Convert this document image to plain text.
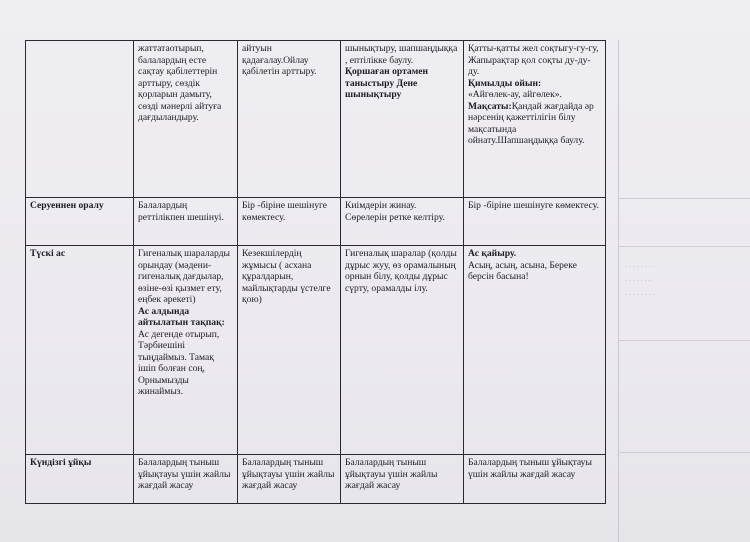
. . . . . . . .
. . . . . . .
. . . . . . . .
	жаттатаотырып, балалардың есте сақтау қабілеттерін арттыру, сөздік қорларын дамыту, сөзді мәнерлі айтуға дағдыландыру.	айтуын қадағалау.Ойлау қабілетін арттыру.	шынықтыру, шапшаңдыққа , ептілікке баулу.
Қоршаған ортамен таныстыру Дене шынықтыру	Қатты-қатты жел соқтыгу-гу-гу,
Жапырақтар қол соқты ду-ду-ду.
Қимылды ойын:
«Айгөлек-ау, айгөлек».
Мақсаты:Қандай жағдайда әр нәрсенің қажеттілігін білу мақсатында ойнату.Шапшаңдыққа баулу.
Серуеннен оралу	Балалардың реттілікпен шешінуі.	Бір -біріне шешінуге көмектесу.	Киімдерін жинау. Сөрелерін ретке келтіру.	Бір -біріне шешінуге көмектесу.
Түскі ас	Гигеналық шараларды орындау (мәдени-гигеналық дағдылар, өзіне-өзі қызмет ету, еңбек әрекеті)
Ас алдында айтылатын тақпақ:
Ас дегенде отырып, Тәрбиешіні тыңдаймыз. Тамақ ішіп болған соң, Орнымызды жинаймыз.	Кезекшілердің жұмысы ( асхана құралдарын, майлықтарды үстелге қою)	Гигеналық шаралар (қолды дұрыс жуу, өз орамалының орнын білу, қолды дұрыс сүрту, орамалды ілу.	Ас қайыру.
Асың, асың, асына, Береке берсін басына!
Күндізгі ұйқы	Балалардың тыныш ұйықтауы үшін жайлы жағдай жасау	Балалардың тыныш ұйықтауы үшін жайлы жағдай жасау	Балалардың тыныш ұйықтауы үшін жайлы жағдай жасау	Балалардың тыныш ұйықтауы үшін жайлы жағдай жасау
